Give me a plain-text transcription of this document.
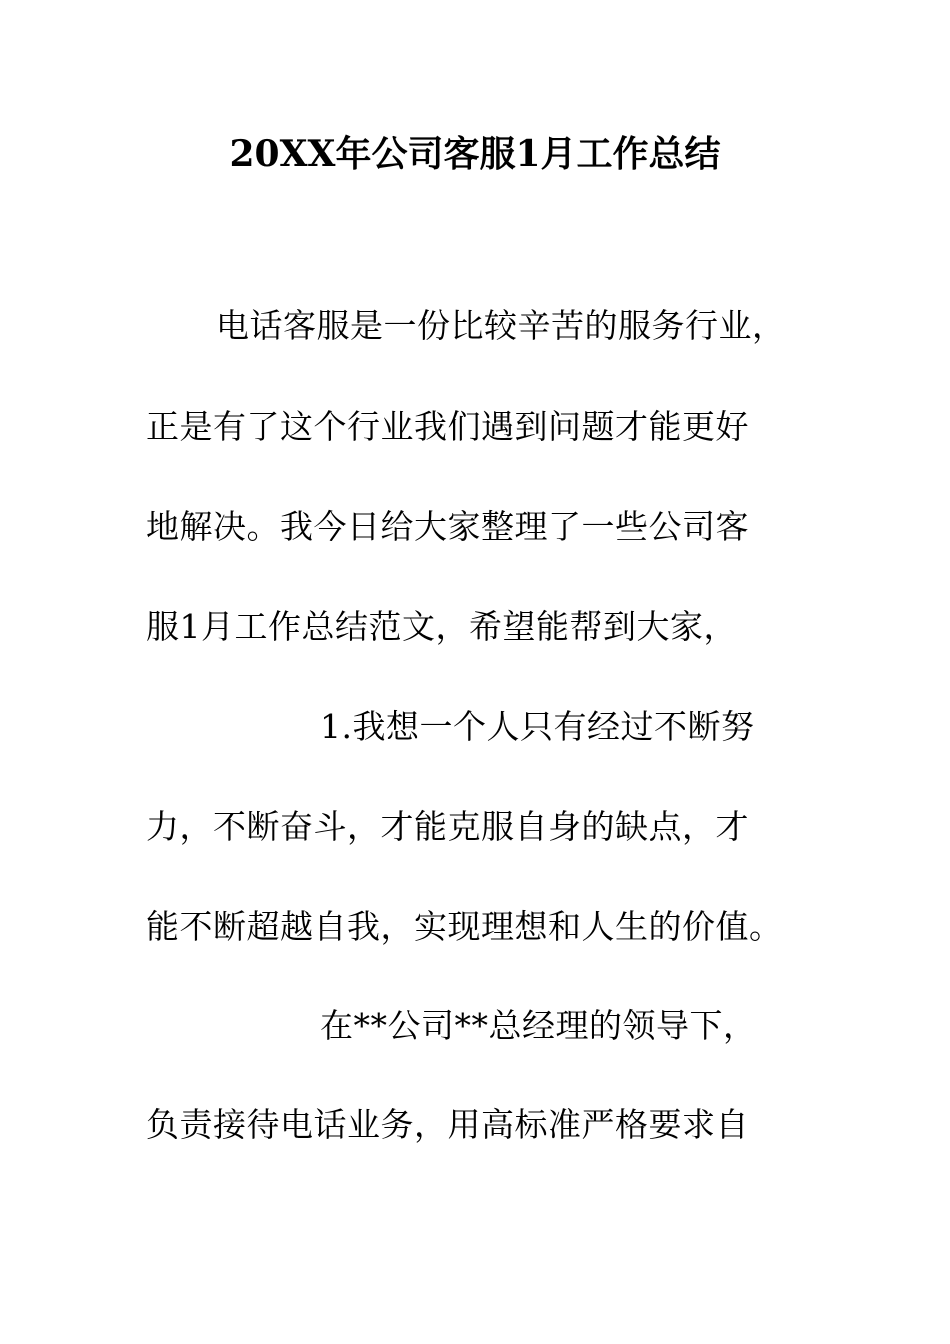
20XX年公司客服1月工作总结
电话客服是一份比较辛苦的服务行业，
正是有了这个行业我们遇到问题才能更好
地解决。我今日给大家整理了一些公司客
服1月工作总结范文，希望能帮到大家，
1.我想一个人只有经过不断努
力，不断奋斗，才能克服自身的缺点，才
能不断超越自我，实现理想和人生的价值。
在**公司**总经理的领导下，
负责接待电话业务，用高标准严格要求自
